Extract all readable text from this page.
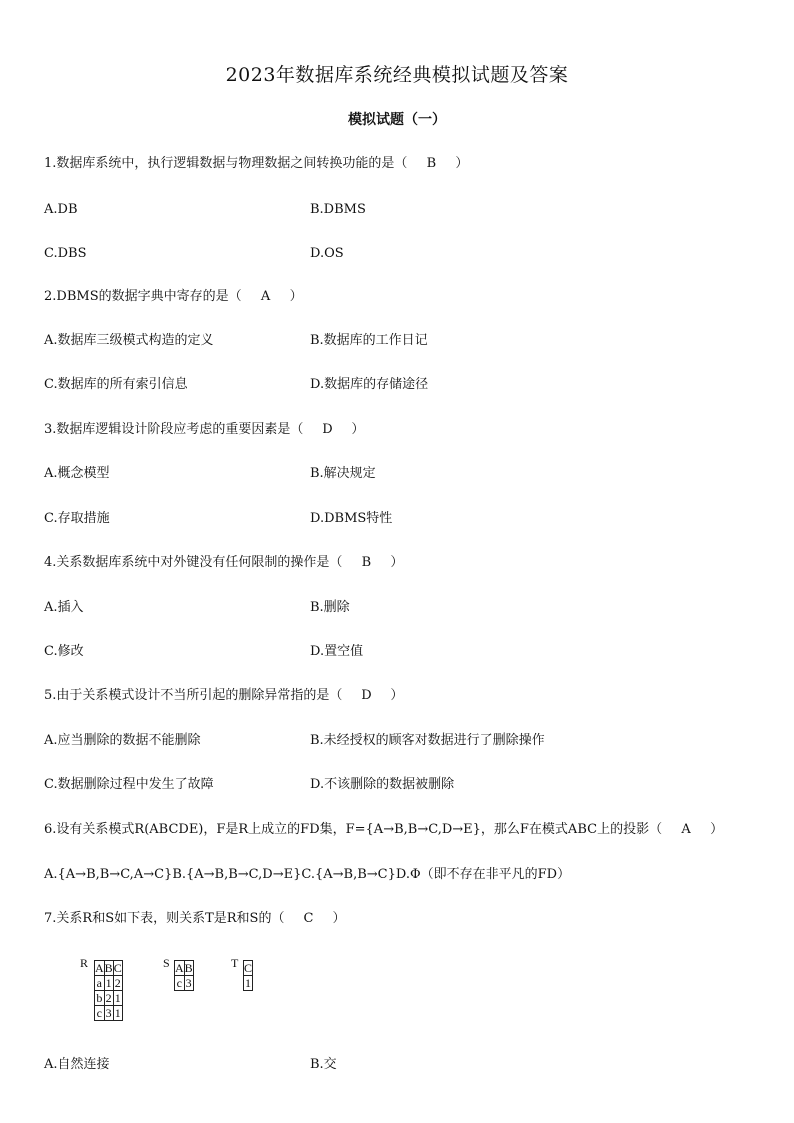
2023年数据库系统经典模拟试题及答案
模拟试题（一）
1.数据库系统中，执行逻辑数据与物理数据之间转换功能的是（ B ）
A.DB	B.DBMS
C.DBS	D.OS
2.DBMS的数据字典中寄存的是（ A ）
A.数据库三级模式构造的定义	B.数据库的工作日记
C.数据库的所有索引信息	D.数据库的存储途径
3.数据库逻辑设计阶段应考虑的重要因素是（ D ）
A.概念模型	B.解决规定
C.存取措施	D.DBMS特性
4.关系数据库系统中对外键没有任何限制的操作是（ B ）
A.插入	B.删除
C.修改	D.置空值
5.由于关系模式设计不当所引起的删除异常指的是（ D ）
A.应当删除的数据不能删除	B.未经授权的顾客对数据进行了删除操作
C.数据删除过程中发生了故障	D.不该删除的数据被删除
6.设有关系模式R(ABCDE)，F是R上成立的FD集，F={A→B,B→C,D→E}，那么F在模式ABC上的投影（ A ）
A.{A→B,B→C,A→C}B.{A→B,B→C,D→E}C.{A→B,B→C}D.Φ（即不存在非平凡的FD）
7.关系R和S如下表，则关系T是R和S的（ C ）
R A	B	C
a	1	2
b	2	1
c	3	1
S A	B
c	3
T C
1
A.自然连接	B.交
